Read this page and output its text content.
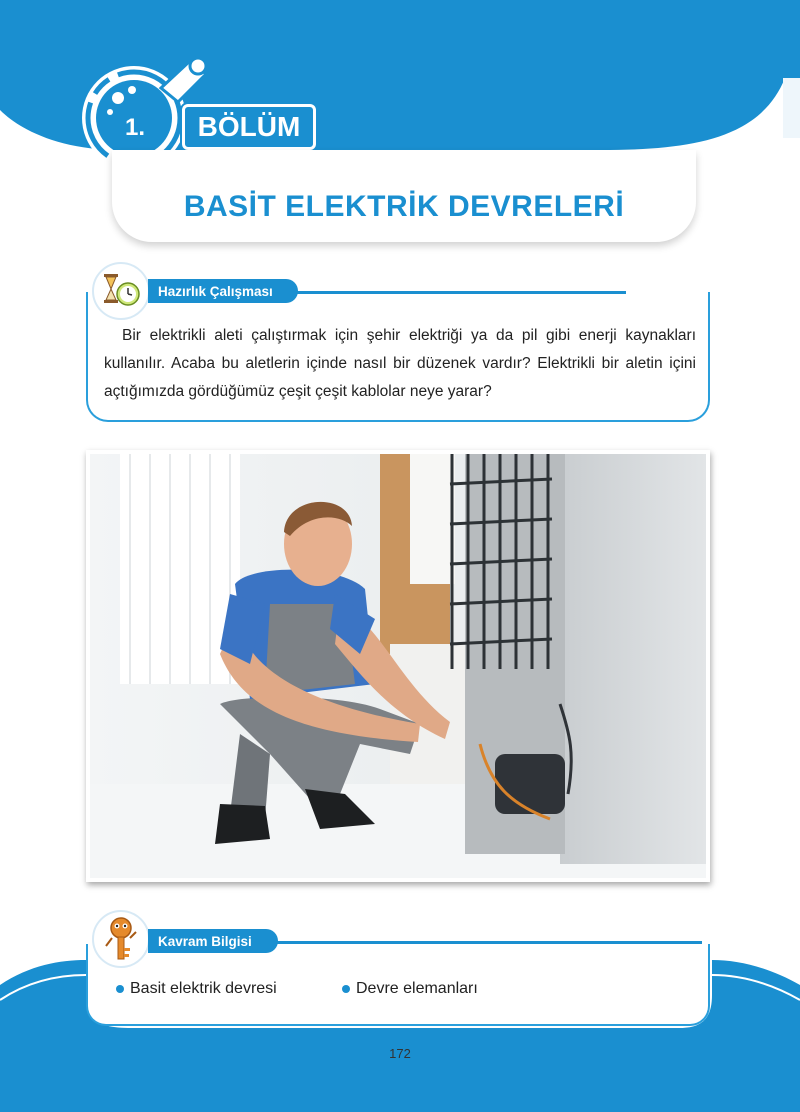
1.	BÖLÜM
BASİT ELEKTRİK DEVRELERİ
Hazırlık Çalışması

Bir elektrikli aleti çalıştırmak için şehir elektriği ya da pil gibi enerji kaynakları kullanılır. Acaba bu aletlerin içinde nasıl bir düzenek vardır? Elektrikli bir aletin içini açtığımızda gördüğümüz çeşit çeşit kablolar neye yarar?

Kavram Bilgisi
Basit elektrik devresi	Devre elemanları
172
